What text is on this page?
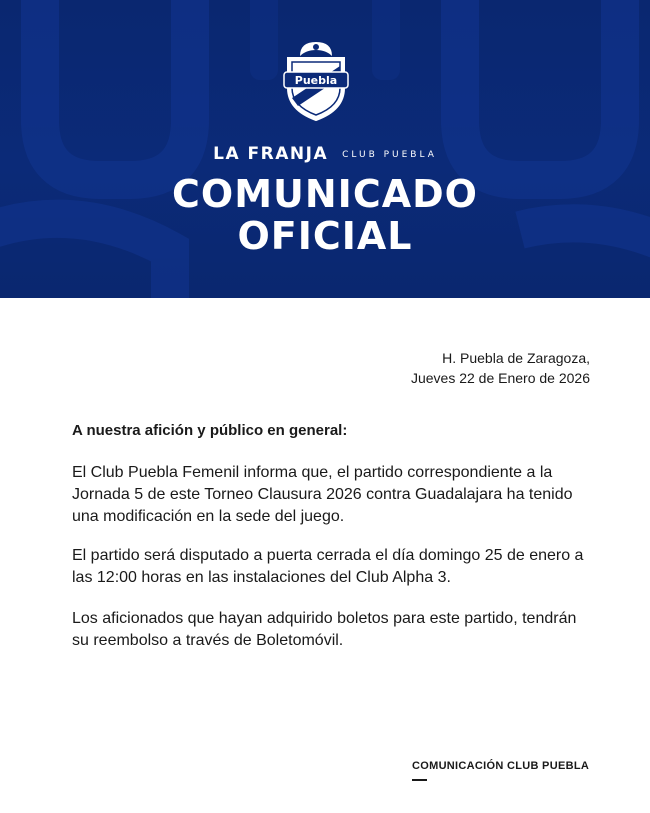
Puebla
LA FRANJA CLUB PUEBLA
COMUNICADO
OFICIAL
H. Puebla de Zaragoza,
Jueves 22 de Enero de 2026
A nuestra afición y público en general:

El Club Puebla Femenil informa que, el partido correspondiente a la Jornada 5 de este Torneo Clausura 2026 contra Guadalajara ha tenido una modificación en la sede del juego.

El partido será disputado a puerta cerrada el día domingo 25 de enero a las 12:00 horas en las instalaciones del Club Alpha 3.

Los aficionados que hayan adquirido boletos para este partido, tendrán su reembolso a través de Boletomóvil.

COMUNICACIÓN CLUB PUEBLA
